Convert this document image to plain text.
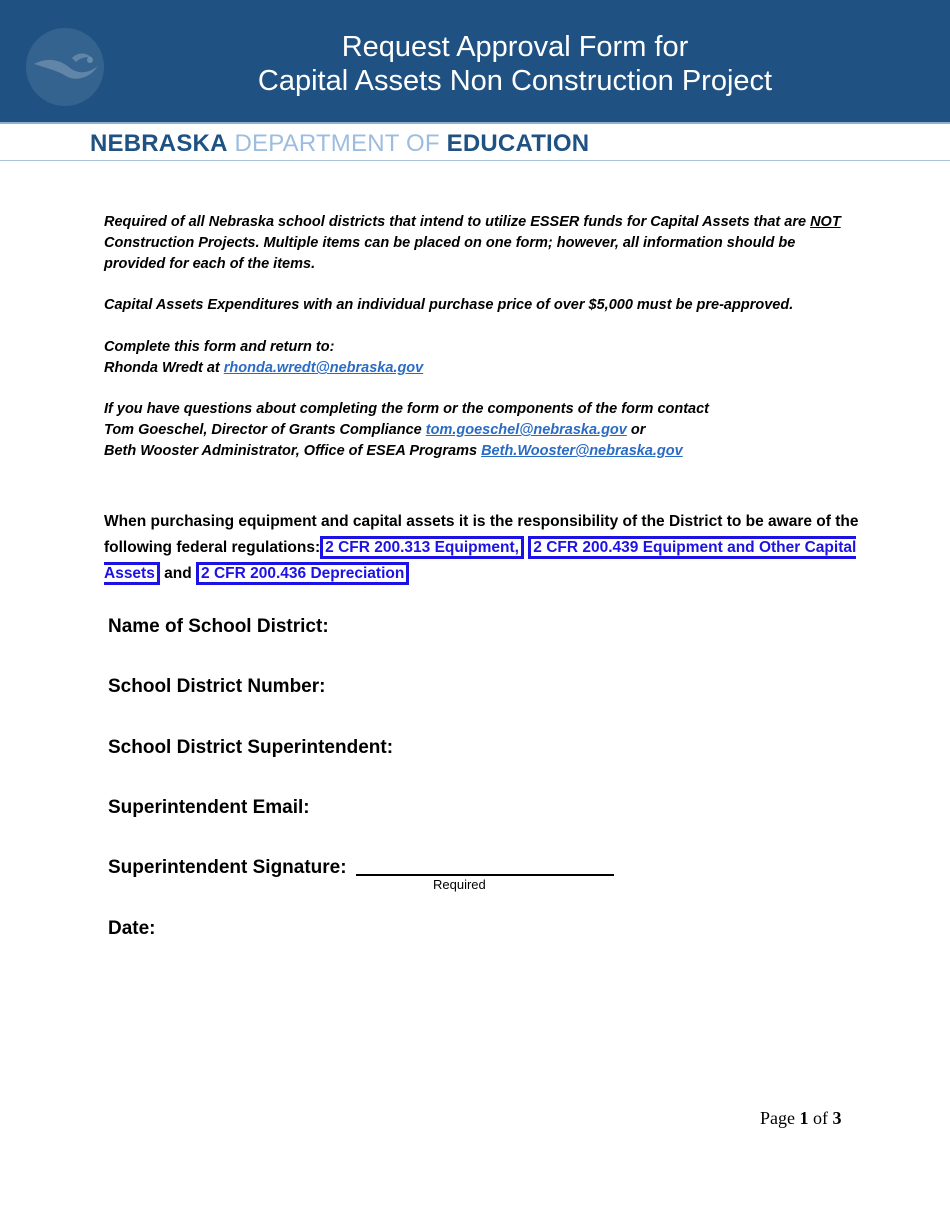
Request Approval Form for
Capital Assets Non Construction Project
NEBRASKA DEPARTMENT OF EDUCATION
Required of all Nebraska school districts that intend to utilize ESSER funds for Capital Assets that are NOT Construction Projects. Multiple items can be placed on one form; however, all information should be provided for each of the items.
Capital Assets Expenditures with an individual purchase price of over $5,000 must be pre-approved.
Complete this form and return to:
Rhonda Wredt at rhonda.wredt@nebraska.gov
If you have questions about completing the form or the components of the form contact
Tom Goeschel, Director of Grants Compliance tom.goeschel@nebraska.gov or
Beth Wooster Administrator, Office of ESEA Programs Beth.Wooster@nebraska.gov
When purchasing equipment and capital assets it is the responsibility of the District to be aware of the following federal regulations: 2 CFR 200.313 Equipment, 2 CFR 200.439 Equipment and Other Capital Assets and 2 CFR 200.436 Depreciation
Name of School District:
School District Number:
School District Superintendent:
Superintendent Email:
Superintendent Signature:
Required
Date:
Page 1 of 3
